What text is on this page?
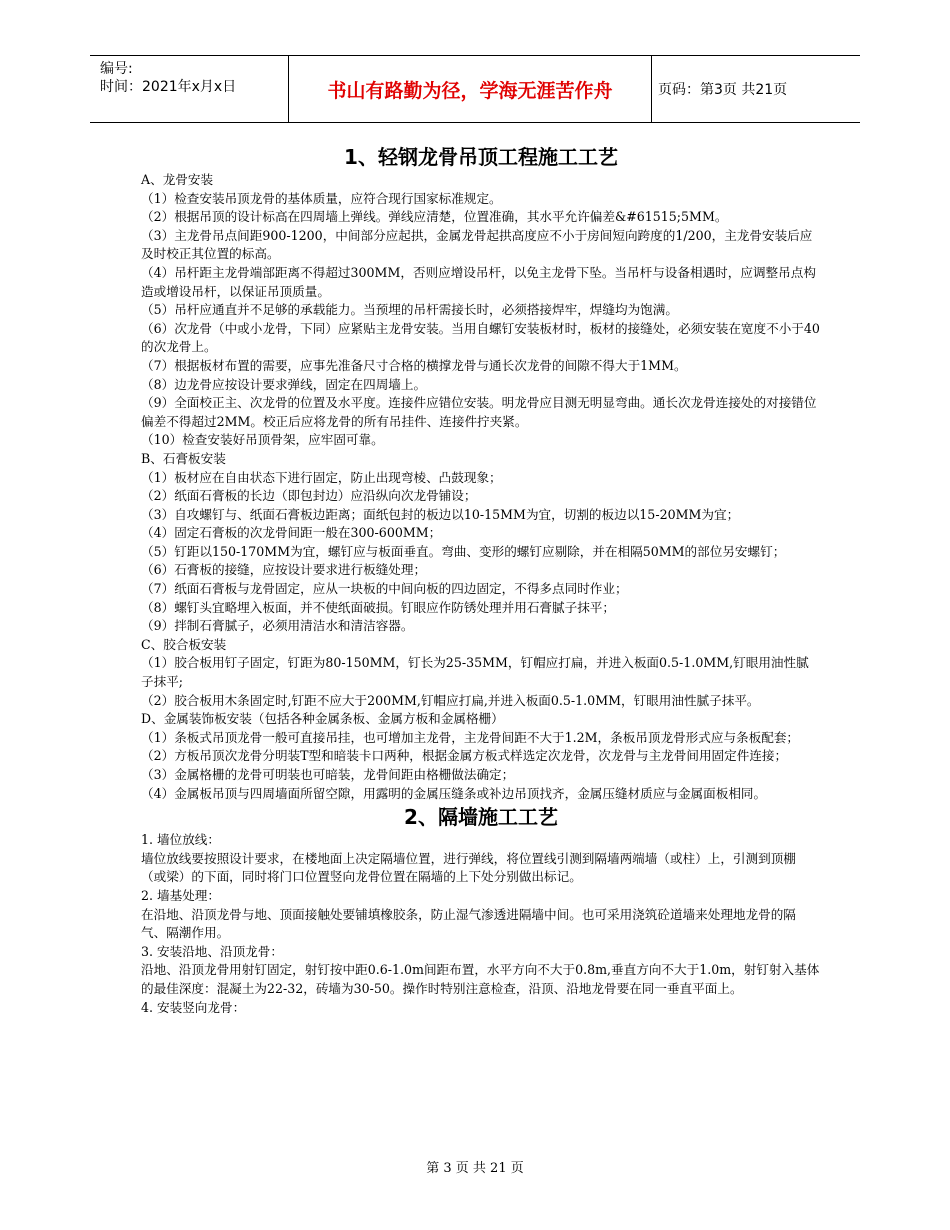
编号:
时间：2021年x月x日	书山有路勤为径，学海无涯苦作舟	页码：第3页 共21页
1、轻钢龙骨吊顶工程施工工艺

A、龙骨安装

（1）检查安装吊顶龙骨的基体质量，应符合现行国家标准规定。

（2）根据吊顶的设计标高在四周墙上弹线。弹线应清楚，位置准确，其水平允许偏差&#61515;5MM。

（3）主龙骨吊点间距900-1200，中间部分应起拱，金属龙骨起拱高度应不小于房间短向跨度的1/200，主龙骨安装后应及时校正其位置的标高。

（4）吊杆距主龙骨端部距离不得超过300MM，否则应增设吊杆，以免主龙骨下坠。当吊杆与设备相遇时，应调整吊点构造或增设吊杆，以保证吊顶质量。

（5）吊杆应通直并不足够的承载能力。当预埋的吊杆需接长时，必须搭接焊牢，焊缝均为饱满。

（6）次龙骨（中或小龙骨，下同）应紧贴主龙骨安装。当用自螺钉安装板材时，板材的接缝处，必须安装在宽度不小于40的次龙骨上。

（7）根据板材布置的需要，应事先准备尺寸合格的横撑龙骨与通长次龙骨的间隙不得大于1MM。

（8）边龙骨应按设计要求弹线，固定在四周墙上。

（9）全面校正主、次龙骨的位置及水平度。连接件应错位安装。明龙骨应目测无明显弯曲。通长次龙骨连接处的对接错位偏差不得超过2MM。校正后应将龙骨的所有吊挂件、连接件拧夹紧。

（10）检查安装好吊顶骨架，应牢固可靠。

B、石膏板安装

（1）板材应在自由状态下进行固定，防止出现弯棱、凸鼓现象；

（2）纸面石膏板的长边（即包封边）应沿纵向次龙骨铺设；

（3）自攻螺钉与、纸面石膏板边距离；面纸包封的板边以10-15MM为宜，切割的板边以15-20MM为宜；

（4）固定石膏板的次龙骨间距一般在300-600MM；

（5）钉距以150-170MM为宜，螺钉应与板面垂直。弯曲、变形的螺钉应剔除，并在相隔50MM的部位另安螺钉；

（6）石膏板的接缝，应按设计要求进行板缝处理；

（7）纸面石膏板与龙骨固定，应从一块板的中间向板的四边固定，不得多点同时作业；

（8）螺钉头宜略埋入板面，并不使纸面破损。钉眼应作防锈处理并用石膏腻子抹平；

（9）拌制石膏腻子，必须用清洁水和清洁容器。

C、胶合板安装

（1）胶合板用钉子固定，钉距为80-150MM，钉长为25-35MM，钉帽应打扁，并进入板面0.5-1.0MM,钉眼用油性腻子抹平;

（2）胶合板用木条固定时,钉距不应大于200MM,钉帽应打扁,并进入板面0.5-1.0MM，钉眼用油性腻子抹平。

D、金属装饰板安装（包括各种金属条板、金属方板和金属格栅）

（1）条板式吊顶龙骨一般可直接吊挂，也可增加主龙骨，主龙骨间距不大于1.2M，条板吊顶龙骨形式应与条板配套；

（2）方板吊顶次龙骨分明装T型和暗装卡口两种，根据金属方板式样选定次龙骨，次龙骨与主龙骨间用固定件连接；

（3）金属格栅的龙骨可明装也可暗装，龙骨间距由格栅做法确定；

（4）金属板吊顶与四周墙面所留空隙，用露明的金属压缝条或补边吊顶找齐，金属压缝材质应与金属面板相同。

2、隔墙施工工艺

1. 墙位放线：

墙位放线要按照设计要求，在楼地面上决定隔墙位置，进行弹线，将位置线引测到隔墙两端墙（或柱）上，引测到顶棚（或梁）的下面，同时将门口位置竖向龙骨位置在隔墙的上下处分别做出标记。

2. 墙基处理：

在沿地、沿顶龙骨与地、顶面接触处要铺填橡胶条，防止湿气渗透进隔墙中间。也可采用浇筑砼道墙来处理地龙骨的隔气、隔潮作用。

3. 安装沿地、沿顶龙骨：

沿地、沿顶龙骨用射钉固定，射钉按中距0.6-1.0m间距布置，水平方向不大于0.8m,垂直方向不大于1.0m，射钉射入基体的最佳深度：混凝土为22-32，砖墙为30-50。操作时特别注意检查，沿顶、沿地龙骨要在同一垂直平面上。

4. 安装竖向龙骨：

第 3 页 共 21 页
